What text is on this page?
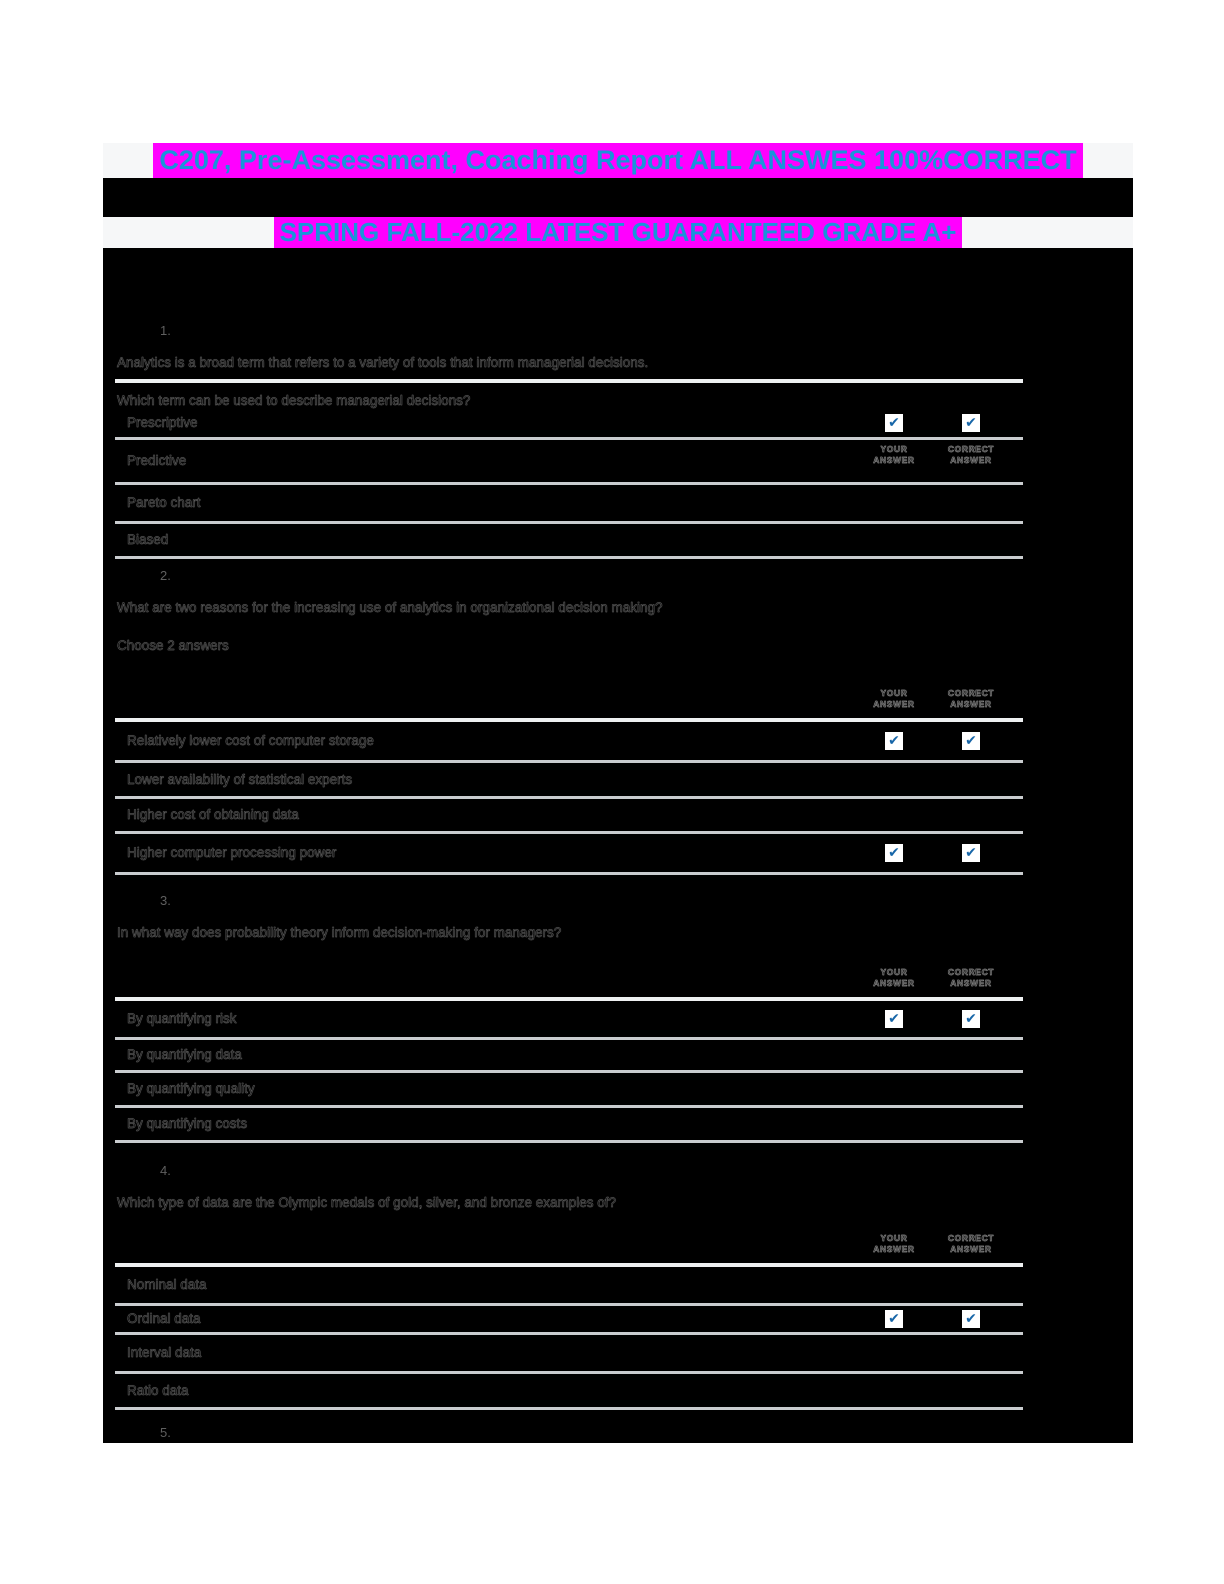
C207, Pre-Assessment, Coaching Report ALL ANSWES 100%CORRECT
SPRING FALL-2022 LATEST GUARANTEED GRADE A+
1.
Analytics is a broad term that refers to a variety of tools that inform managerial decisions.
Which term can be used to describe managerial decisions?
Prescriptive	✔	✔
Predictive
YOUR
ANSWER
CORRECT
ANSWER
Pareto chart
Biased
2.
What are two reasons for the increasing use of analytics in organizational decision making?
Choose 2 answers
YOUR
ANSWER
CORRECT
ANSWER
Relatively lower cost of computer storage	✔	✔
Lower availability of statistical experts
Higher cost of obtaining data
Higher computer processing power	✔	✔
3.
In what way does probability theory inform decision-making for managers?
YOUR
ANSWER
CORRECT
ANSWER
By quantifying risk	✔	✔
By quantifying data
By quantifying quality
By quantifying costs
4.
Which type of data are the Olympic medals of gold, silver, and bronze examples of?
YOUR
ANSWER
CORRECT
ANSWER
Nominal data
Ordinal data	✔	✔
Interval data
Ratio data
5.
